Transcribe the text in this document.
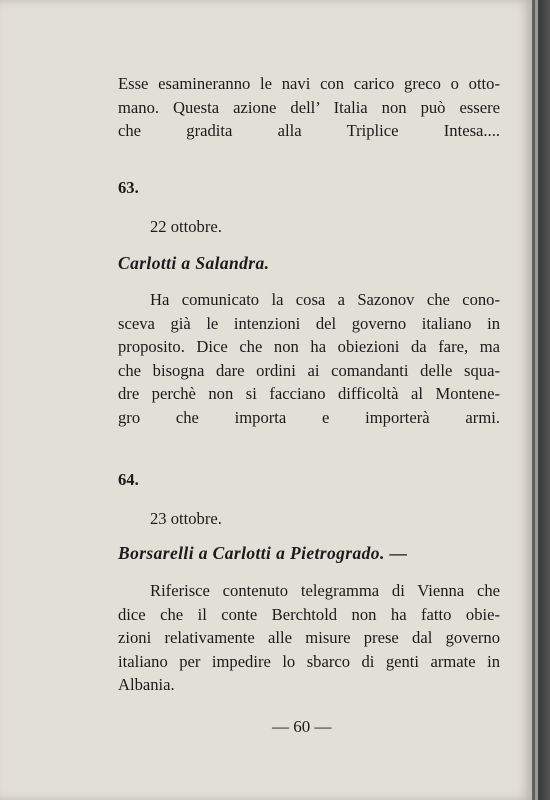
Esse esamineranno le navi con carico greco o otto-
mano. Questa azione dell’ Italia non può essere
che gradita alla Triplice Intesa....
63.
22 ottobre.
Carlotti a Salandra.
Ha comunicato la cosa a Sazonov che cono-
sceva già le intenzioni del governo italiano in
proposito. Dice che non ha obiezioni da fare, ma
che bisogna dare ordini ai comandanti delle squa-
dre perchè non si facciano difficoltà al Montene-
gro che importa e importerà armi.
64.
23 ottobre.
Borsarelli a Carlotti a Pietrogrado. —
Riferisce contenuto telegramma di Vienna che
dice che il conte Berchtold non ha fatto obie-
zioni relativamente alle misure prese dal governo
italiano per impedire lo sbarco di genti armate in
Albania.
— 60 —
